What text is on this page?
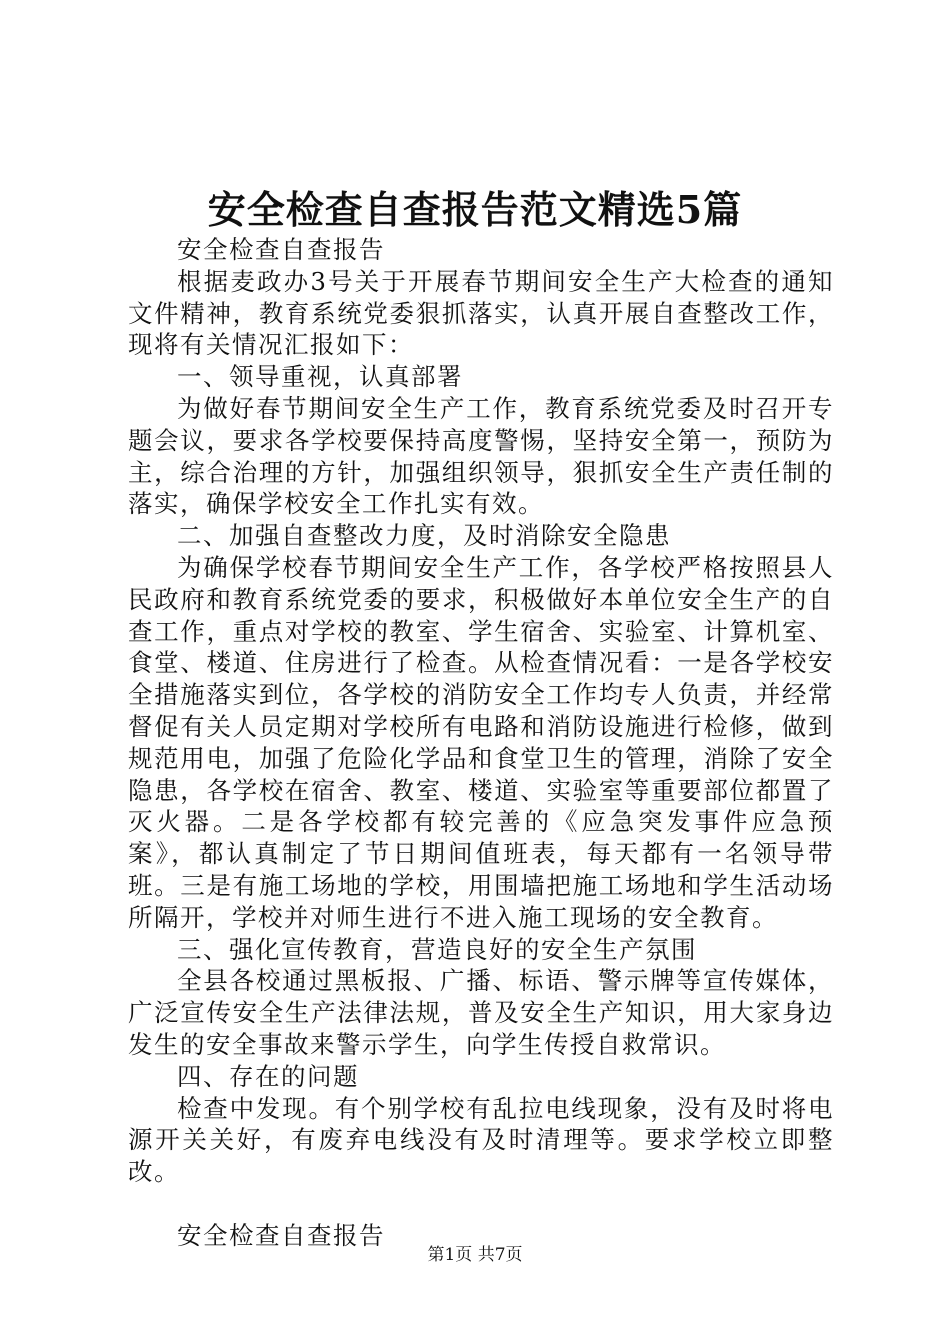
安全检查自查报告范文精选5篇

安全检查自查报告

根据麦政办3号关于开展春节期间安全生产大检查的通知文件精神，教育系统党委狠抓落实，认真开展自查整改工作，现将有关情况汇报如下：

一、领导重视，认真部署

为做好春节期间安全生产工作，教育系统党委及时召开专题会议，要求各学校要保持高度警惕，坚持安全第一，预防为主，综合治理的方针，加强组织领导，狠抓安全生产责任制的落实，确保学校安全工作扎实有效。

二、加强自查整改力度，及时消除安全隐患

为确保学校春节期间安全生产工作，各学校严格按照县人民政府和教育系统党委的要求，积极做好本单位安全生产的自查工作，重点对学校的教室、学生宿舍、实验室、计算机室、食堂、楼道、住房进行了检查。从检查情况看：一是各学校安全措施落实到位，各学校的消防安全工作均专人负责，并经常督促有关人员定期对学校所有电路和消防设施进行检修，做到规范用电，加强了危险化学品和食堂卫生的管理，消除了安全隐患，各学校在宿舍、教室、楼道、实验室等重要部位都置了灭火器。二是各学校都有较完善的《应急突发事件应急预案》，都认真制定了节日期间值班表，每天都有一名领导带班。三是有施工场地的学校，用围墙把施工场地和学生活动场所隔开，学校并对师生进行不进入施工现场的安全教育。

三、强化宣传教育，营造良好的安全生产氛围

全县各校通过黑板报、广播、标语、警示牌等宣传媒体，广泛宣传安全生产法律法规，普及安全生产知识，用大家身边发生的安全事故来警示学生，向学生传授自救常识。

四、存在的问题

检查中发现。有个别学校有乱拉电线现象，没有及时将电源开关关好，有废弃电线没有及时清理等。要求学校立即整改。

安全检查自查报告

第1页 共7页
